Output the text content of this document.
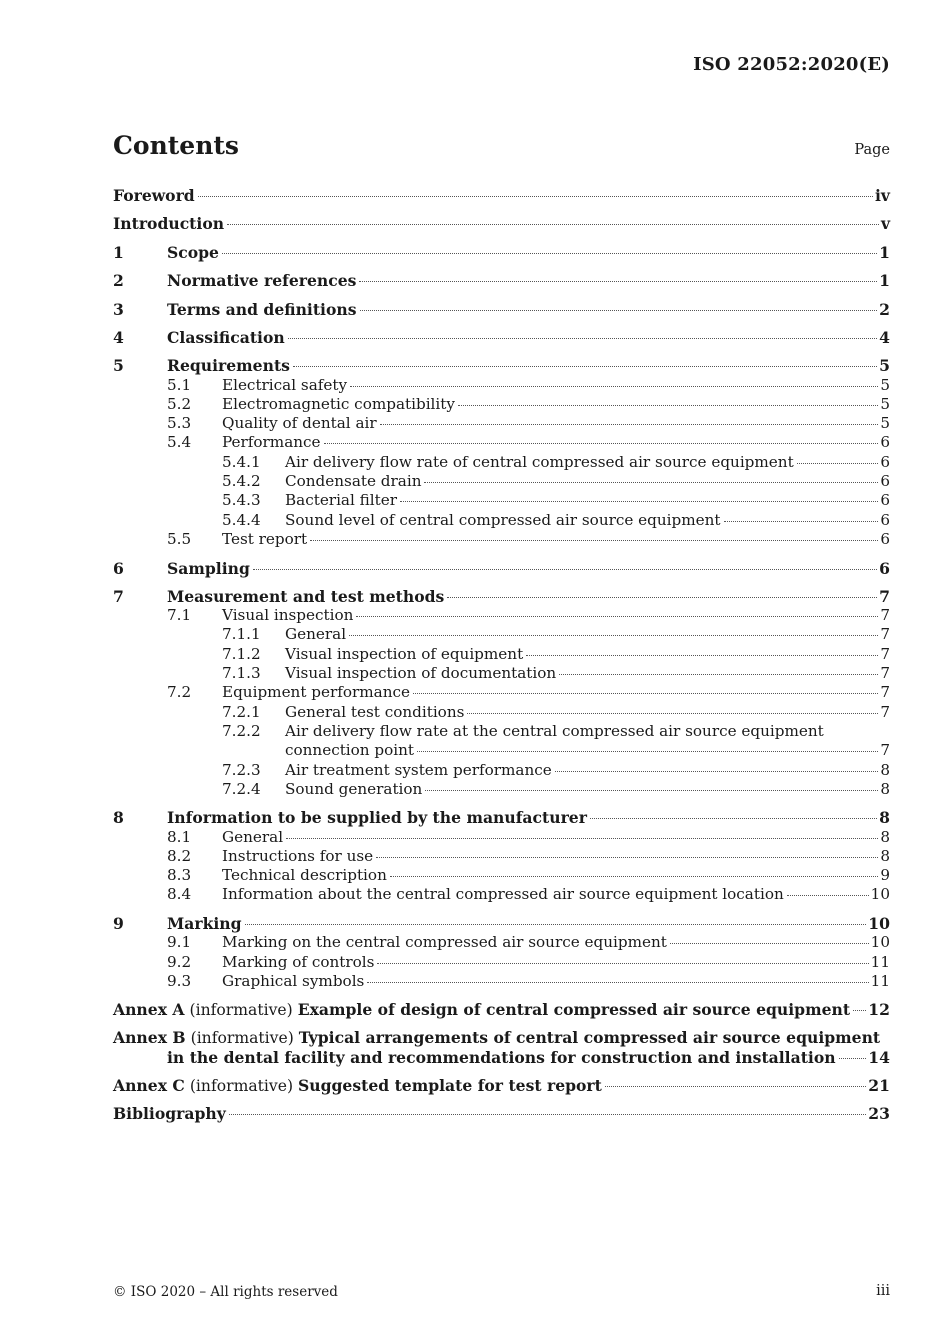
ISO 22052:2020(E)
Contents	Page
Foreword	iv
Introduction	v
1	Scope	1
2	Normative references	1
3	Terms and definitions	2
4	Classification	4
5	Requirements	5
5.1 Electrical safety	5
5.2 Electromagnetic compatibility	5
5.3 Quality of dental air	5
5.4 Performance	6
5.4.1 Air delivery flow rate of central compressed air source equipment	6
5.4.2 Condensate drain	6
5.4.3 Bacterial filter	6
5.4.4 Sound level of central compressed air source equipment	6
5.5 Test report	6
6	Sampling	6
7	Measurement and test methods	7
7.1 Visual inspection	7
7.1.1 General	7
7.1.2 Visual inspection of equipment	7
7.1.3 Visual inspection of documentation	7
7.2 Equipment performance	7
7.2.1 General test conditions	7
7.2.2 Air delivery flow rate at the central compressed air source equipment
connection point	7
7.2.3 Air treatment system performance	8
7.2.4 Sound generation	8
8	Information to be supplied by the manufacturer	8
8.1 General	8
8.2 Instructions for use	8
8.3 Technical description	9
8.4 Information about the central compressed air source equipment location	10
9	Marking	10
9.1 Marking on the central compressed air source equipment	10
9.2 Marking of controls	11
9.3 Graphical symbols	11
Annex A (informative) Example of design of central compressed air source equipment 12
Annex B (informative) Typical arrangements of central compressed air source equipment
in the dental facility and recommendations for construction and installation 14
Annex C (informative) Suggested template for test report	21
Bibliography	23
© ISO 2020 – All rights reserved	iii
